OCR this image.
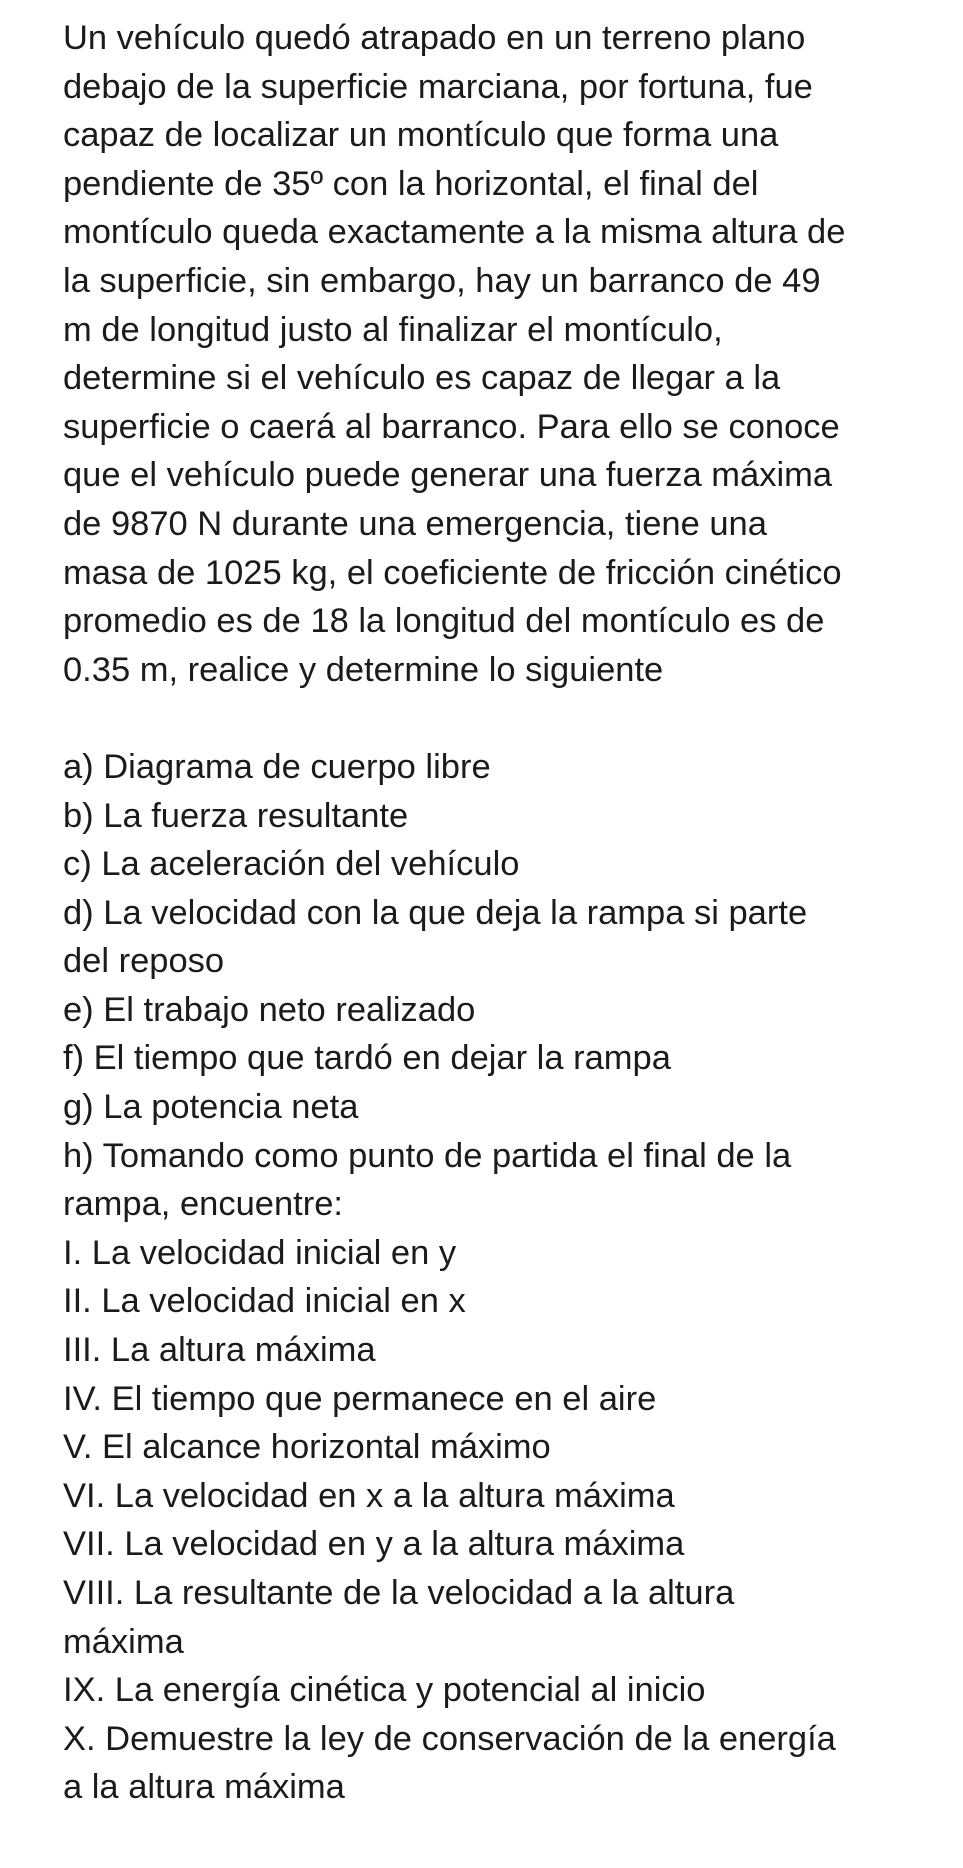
Un vehículo quedó atrapado en un terreno plano
debajo de la superficie marciana, por fortuna, fue
capaz de localizar un montículo que forma una
pendiente de 35º con la horizontal, el final del
montículo queda exactamente a la misma altura de
la superficie, sin embargo, hay un barranco de 49
m de longitud justo al finalizar el montículo,
determine si el vehículo es capaz de llegar a la
superficie o caerá al barranco. Para ello se conoce
que el vehículo puede generar una fuerza máxima
de 9870 N durante una emergencia, tiene una
masa de 1025 kg, el coeficiente de fricción cinético
promedio es de 18 la longitud del montículo es de
0.35 m, realice y determine lo siguiente

a) Diagrama de cuerpo libre
b) La fuerza resultante
c) La aceleración del vehículo
d) La velocidad con la que deja la rampa si parte
del reposo
e) El trabajo neto realizado
f) El tiempo que tardó en dejar la rampa
g) La potencia neta
h) Tomando como punto de partida el final de la
rampa, encuentre:
I. La velocidad inicial en y
II. La velocidad inicial en x
III. La altura máxima
IV. El tiempo que permanece en el aire
V. El alcance horizontal máximo
VI. La velocidad en x a la altura máxima
VII. La velocidad en y a la altura máxima
VIII. La resultante de la velocidad a la altura
máxima
IX. La energía cinética y potencial al inicio
X. Demuestre la ley de conservación de la energía
a la altura máxima
